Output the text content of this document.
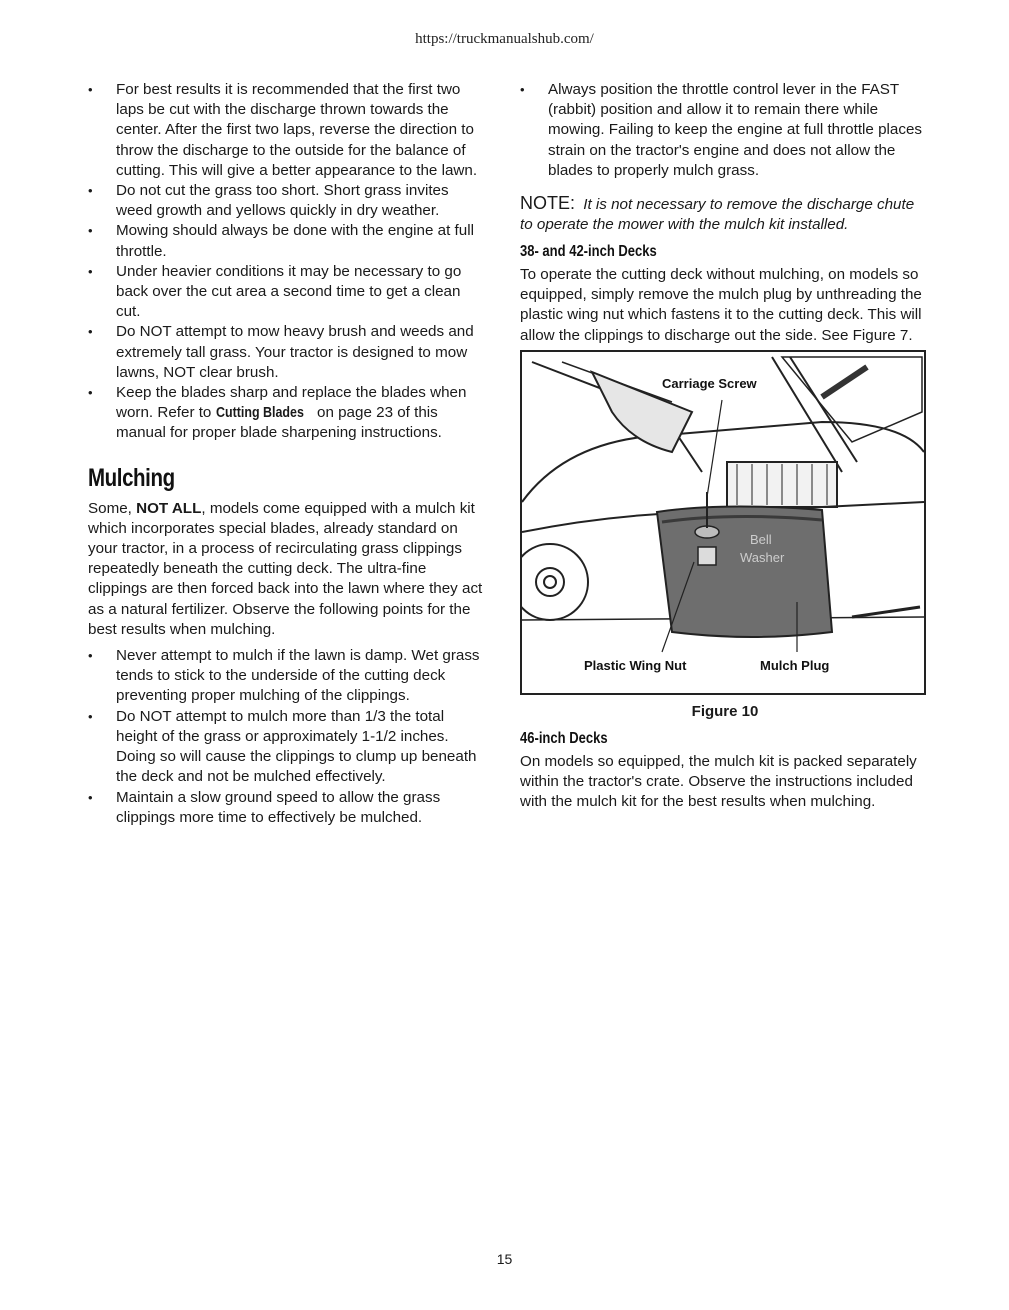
https://truckmanualshub.com/
• For best results it is recommended that the first two laps be cut with the discharge thrown towards the center. After the first two laps, reverse the direction to throw the discharge to the outside for the balance of cutting. This will give a better appearance to the lawn.
• Do not cut the grass too short. Short grass invites weed growth and yellows quickly in dry weather.
• Mowing should always be done with the engine at full throttle.
• Under heavier conditions it may be necessary to go back over the cut area a second time to get a clean cut.
• Do NOT attempt to mow heavy brush and weeds and extremely tall grass. Your tractor is designed to mow lawns, NOT clear brush.
• Keep the blades sharp and replace the blades when worn. Refer to Cutting Blades on page 23 of this manual for proper blade sharpening instructions.
Mulching

Some, NOT ALL, models come equipped with a mulch kit which incorporates special blades, already standard on your tractor, in a process of recirculating grass clippings repeatedly beneath the cutting deck. The ultra-fine clippings are then forced back into the lawn where they act as a natural fertilizer. Observe the following points for the best results when mulching.

• Never attempt to mulch if the lawn is damp. Wet grass tends to stick to the underside of the cutting deck preventing proper mulching of the clippings.
• Do NOT attempt to mulch more than 1/3 the total height of the grass or approximately 1-1/2 inches. Doing so will cause the clippings to clump up beneath the deck and not be mulched effectively.
• Maintain a slow ground speed to allow the grass clippings more time to effectively be mulched.
• Always position the throttle control lever in the FAST (rabbit) position and allow it to remain there while mowing. Failing to keep the engine at full throttle places strain on the tractor's engine and does not allow the blades to properly mulch grass.
NOTE: It is not necessary to remove the discharge chute to operate the mower with the mulch kit installed.
38- and 42-inch Decks

To operate the cutting deck without mulching, on models so equipped, simply remove the mulch plug by unthreading the plastic wing nut which fastens it to the cutting deck. This will allow the clippings to discharge out the side. See Figure 7.

Carriage Screw
Bell
Washer
Plastic Wing Nut	Mulch Plug
Figure 10
46-inch Decks

On models so equipped, the mulch kit is packed separately within the tractor's crate. Observe the instructions included with the mulch kit for the best results when mulching.

15
